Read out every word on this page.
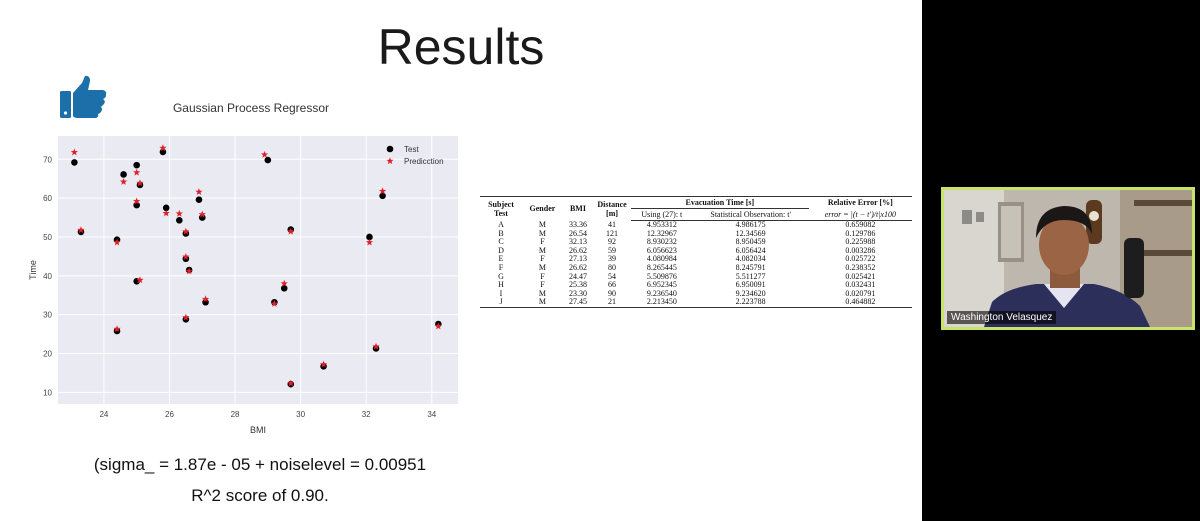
Results
Gaussian Process Regressor
24	26	28	30	32	34
10
20
30
40
50
60
70
Test
Predicction
BMI
Time
(sigma_ = 1.87e - 05 + noiselevel = 0.00951
R^2 score of 0.90.
Subject Test	Gender	BMI	Distance [m]	Evacuation Time [s]		Relative Error [%]
				Using (27): t	Statistical Observation: t'	error = |(t − t')/t|x100
A	M	33.36	41	4.953312	4.986175	0.659082
B	M	26.54	121	12.32967	12.34569	0.129786
C	F	32.13	92	8.930232	8.950459	0.225988
D	M	26.62	59	6.056623	6.056424	0.003286
E	F	27.13	39	4.080984	4.082034	0.025722
F	M	26.62	80	8.265445	8.245791	0.238352
G	F	24.47	54	5.509876	5.511277	0.025421
H	F	25.38	66	6.952345	6.950091	0.032431
I	M	23.30	90	9.236540	9.234620	0.020791
J	M	27.45	21	2.213450	2.223788	0.464882
Washington Velasquez
